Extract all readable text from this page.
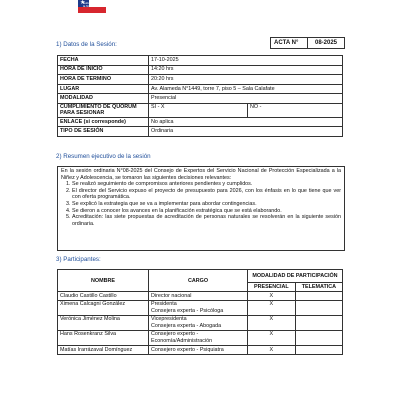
★
Subsecretaría de
la Niñez
ACTA N°	08-2025
1) Datos de la Sesión:
FECHA	17-10-2025	
HORA DE INICIO	14:20 hrs	
HORA DE TERMINO	20:20 hrs	
LUGAR	Av. Alameda N°1449, torre 7, piso 5 – Sala Calafate	
MODALIDAD	Presencial	
CUMPLIMIENTO DE QUÓRUM PARA SESIONAR	SI - X	NO -
ENLACE (si corresponde)	No aplica	
TIPO DE SESIÓN	Ordinaria	
2) Resumen ejecutivo de la sesión
En la sesión ordinaria N°08-2025 del Consejo de Expertos del Servicio Nacional de Protección Especializada a la Niñez y Adolescencia, se tomaron las siguientes decisiones relevantes:
1. Se realizó seguimiento de compromisos anteriores pendientes y cumplidos.
2. El director del Servicio expuso el proyecto de presupuesto para 2026, con los énfasis en lo que tiene que ver con oferta programática.
3. Se explicó la estrategia que se va a implementar para abordar contingencias.
4. Se dieron a conocer los avances en la planificación estratégica que se está elaborando.
5. Acreditación: las siete propuestas de acreditación de personas naturales se resolverán en la siguiente sesión ordinaria.
3) Participantes:
NOMBRE	CARGO	MODALIDAD DE PARTICIPACIÓN	
		PRESENCIAL	TELEMATICA
Claudio Castillo Castillo	Director nacional	X	
Ximena Calcagni González	Presidenta
Consejera experta - Psicóloga	X	
Verónica Jiménez Molina	Vicepresidenta
Consejera experta - Abogada	X	
Hans Rosenkranz Silva	Consejero experto -
Economía/Administración	X	
Matías Irarrázaval Domínguez	Consejero experto - Psiquiatra	X	
